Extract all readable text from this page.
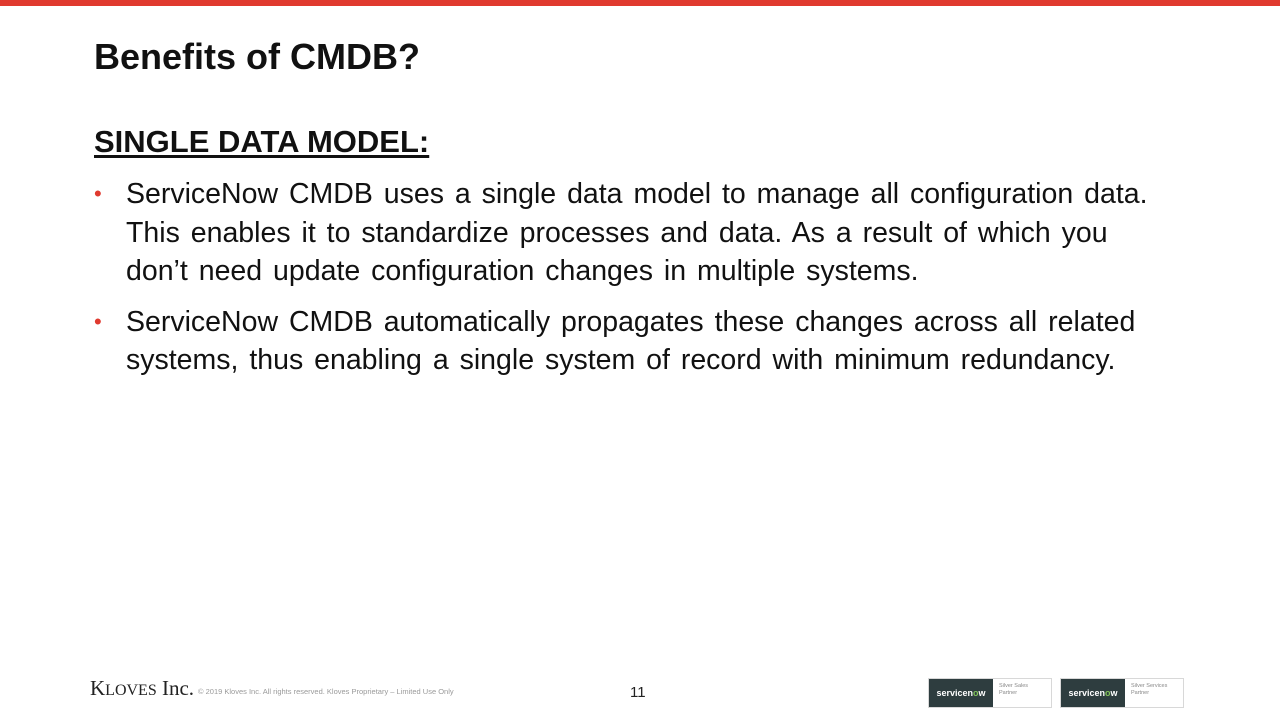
Benefits of CMDB?
SINGLE DATA MODEL:
• ServiceNow CMDB uses a single data model to manage all configuration data. This enables it to standardize processes and data. As a result of which you don’t need update configuration changes in multiple systems.
• ServiceNow CMDB automatically propagates these changes across all related systems, thus enabling a single system of record with minimum redundancy.
KLOVES Inc. © 2019 Kloves Inc. All rights reserved. Kloves Proprietary – Limited Use Only	11	servicen o w
Silver Sales Partner	servicen o w
Silver Services Partner
